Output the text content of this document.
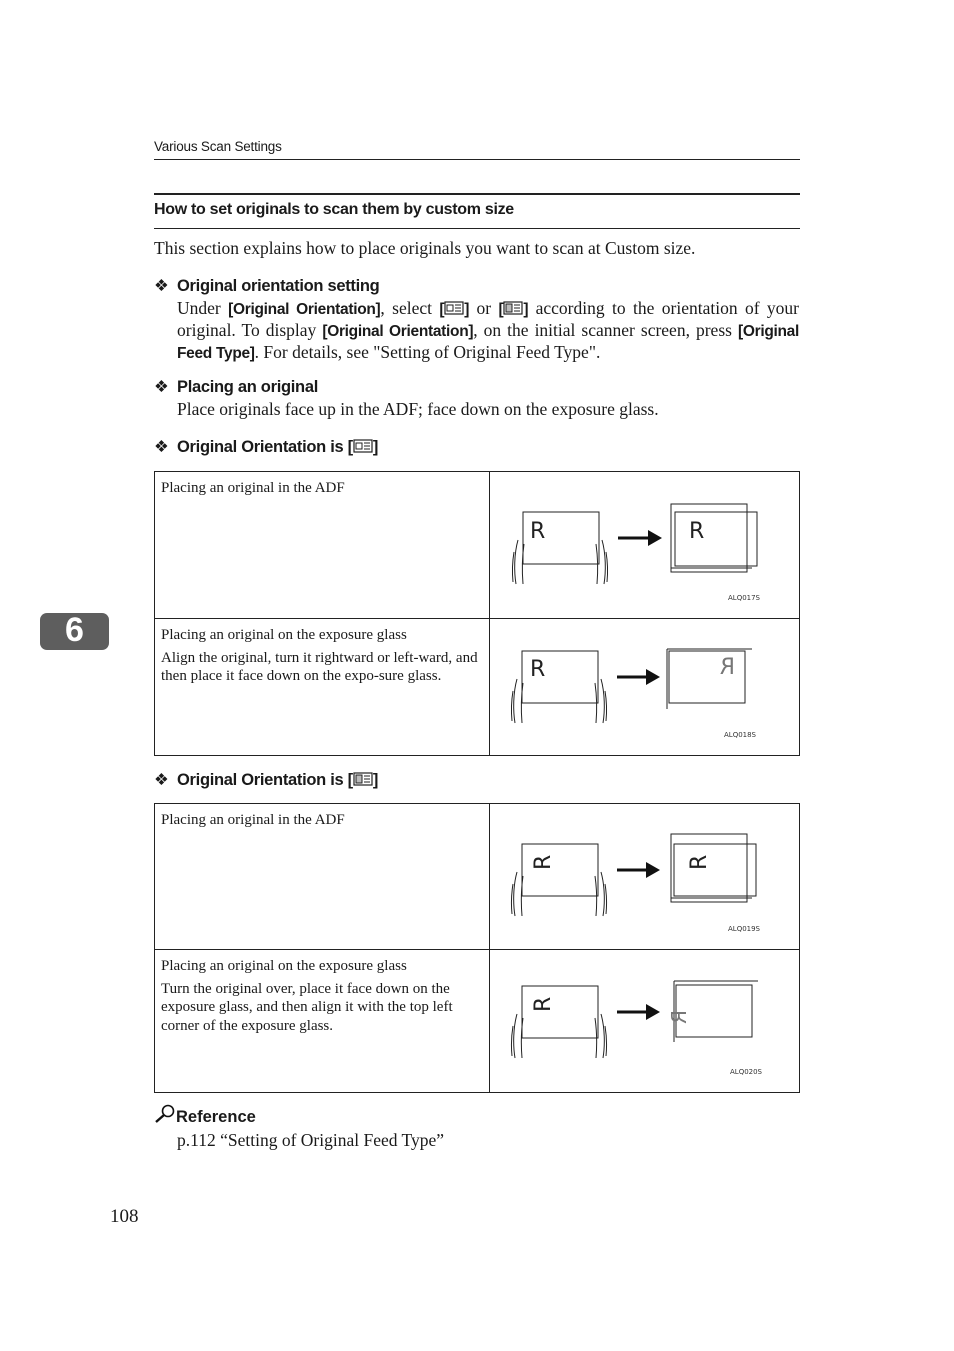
Various Scan Settings
How to set originals to scan them by custom size
This section explains how to place originals you want to scan at Custom size.
❖ Original orientation setting
Under [Original Orientation], select [ ] or [ ] according to the orientation of your original. To display [Original Orientation], on the initial scanner screen, press [Original Feed Type]. For details, see "Setting of Original Feed Type".
❖ Placing an original
Place originals face up in the ADF; face down on the exposure glass.
❖ Original Orientation is [ ]
Placing an original in the ADF	R R
ALQ017S

Placing an original on the exposure glass
Align the original, turn it rightward or left-ward, and then place it face down on the expo-sure glass.	R R
ALQ018S
❖ Original Orientation is [ ]
Placing an original in the ADF	R R
ALQ019S

Placing an original on the exposure glass
Turn the original over, place it face down on the exposure glass, and then align it with the top left corner of the exposure glass.	R
R
ALQ020S
6
Reference
p.112 “Setting of Original Feed Type”
108
